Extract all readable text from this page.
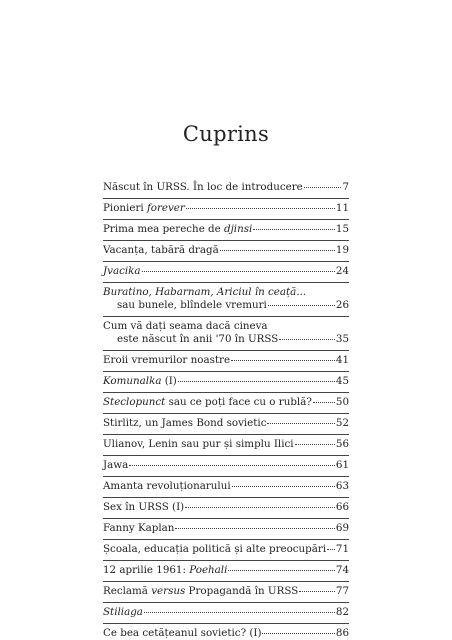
Cuprins
Născut în URSS. În loc de introducere	7
Pionieri forever	11
Prima mea pereche de djinsi	15
Vacanța, tabără dragă	19
Jvacika	24
Buratino, Habarnam, Ariciul în ceață ...
sau bunele, blîndele vremuri	26
Cum vă dați seama dacă cineva
este născut în anii '70 în URSS	35
Eroii vremurilor noastre	41
Komunalka (I)	45
Steclopunct sau ce poți face cu o rublă? 50
Stirlitz, un James Bond sovietic	52
Ulianov, Lenin sau pur și simplu Ilici	56
Jawa	61
Amanta revoluționarului	63
Sex în URSS (I)	66
Fanny Kaplan	69
Școala, educația politică și alte preocupări 71
12 aprilie 1961: Poehali	74
Reclamă versus Propagandă în URSS	77
Stiliaga	82
Ce bea cetățeanul sovietic? (I)	86
